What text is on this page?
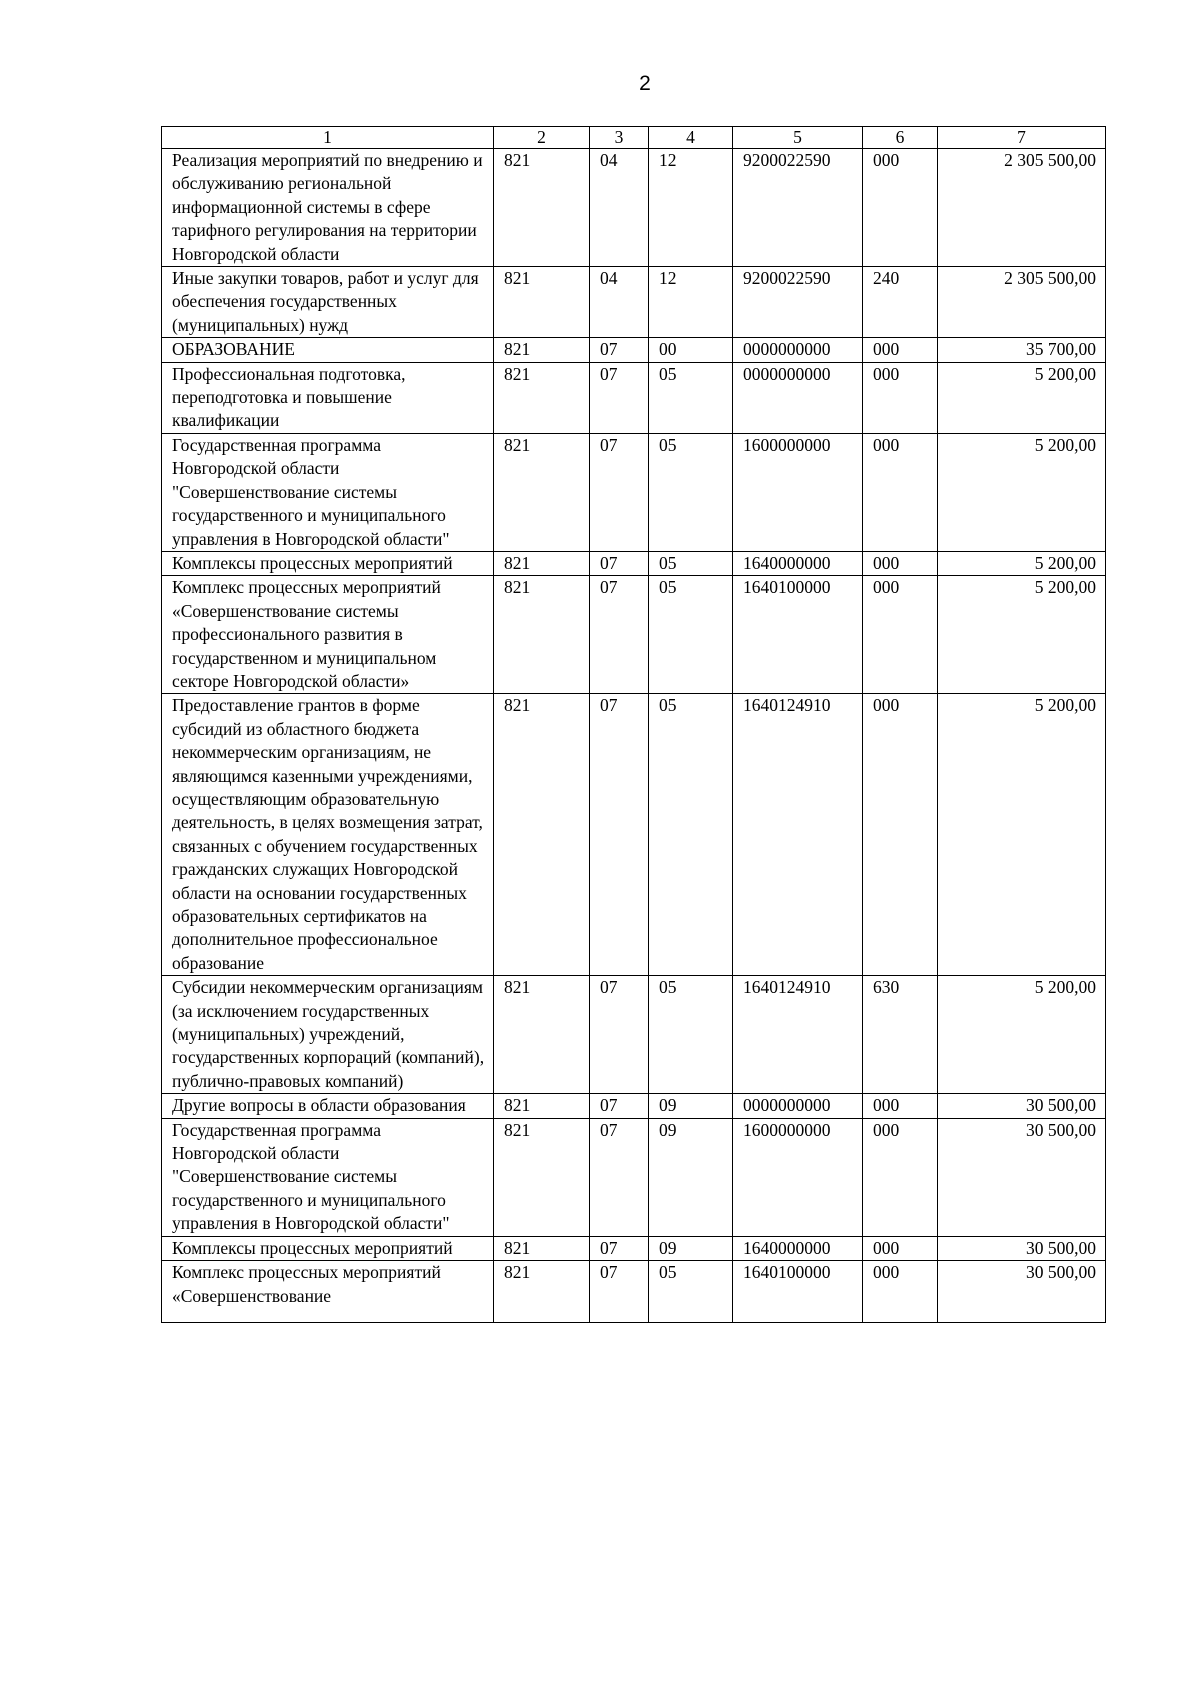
2
1	2	3	4	5	6	7
Реализация мероприятий по внедрению и обслуживанию региональной информационной системы в сфере тарифного регулирования на территории Новгородской области	821	04	12	9200022590	000	2 305 500,00
Иные закупки товаров, работ и услуг для обеспечения государственных (муниципальных) нужд	821	04	12	9200022590	240	2 305 500,00
ОБРАЗОВАНИЕ	821	07	00	0000000000	000	35 700,00
Профессиональная подготовка, переподготовка и повышение квалификации	821	07	05	0000000000	000	5 200,00
Государственная программа Новгородской области "Совершенствование системы государственного и муниципального управления в Новгородской области"	821	07	05	1600000000	000	5 200,00
Комплексы процессных мероприятий	821	07	05	1640000000	000	5 200,00
Комплекс процессных мероприятий «Совершенствование системы профессионального развития в государственном и муниципальном секторе Новгородской области»	821	07	05	1640100000	000	5 200,00
Предоставление грантов в форме субсидий из областного бюджета некоммерческим организациям, не являющимся казенными учреждениями, осуществляющим образовательную деятельность, в целях возмещения затрат, связанных с обучением государственных гражданских служащих Новгородской области на основании государственных образовательных сертификатов на дополнительное профессиональное образование	821	07	05	1640124910	000	5 200,00
Субсидии некоммерческим организациям (за исключением государственных (муниципальных) учреждений, государственных корпораций (компаний), публично-правовых компаний)	821	07	05	1640124910	630	5 200,00
Другие вопросы в области образования	821	07	09	0000000000	000	30 500,00
Государственная программа Новгородской области "Совершенствование системы государственного и муниципального управления в Новгородской области"	821	07	09	1600000000	000	30 500,00
Комплексы процессных мероприятий	821	07	09	1640000000	000	30 500,00
Комплекс процессных мероприятий «Совершенствование	821	07	05	1640100000	000	30 500,00
